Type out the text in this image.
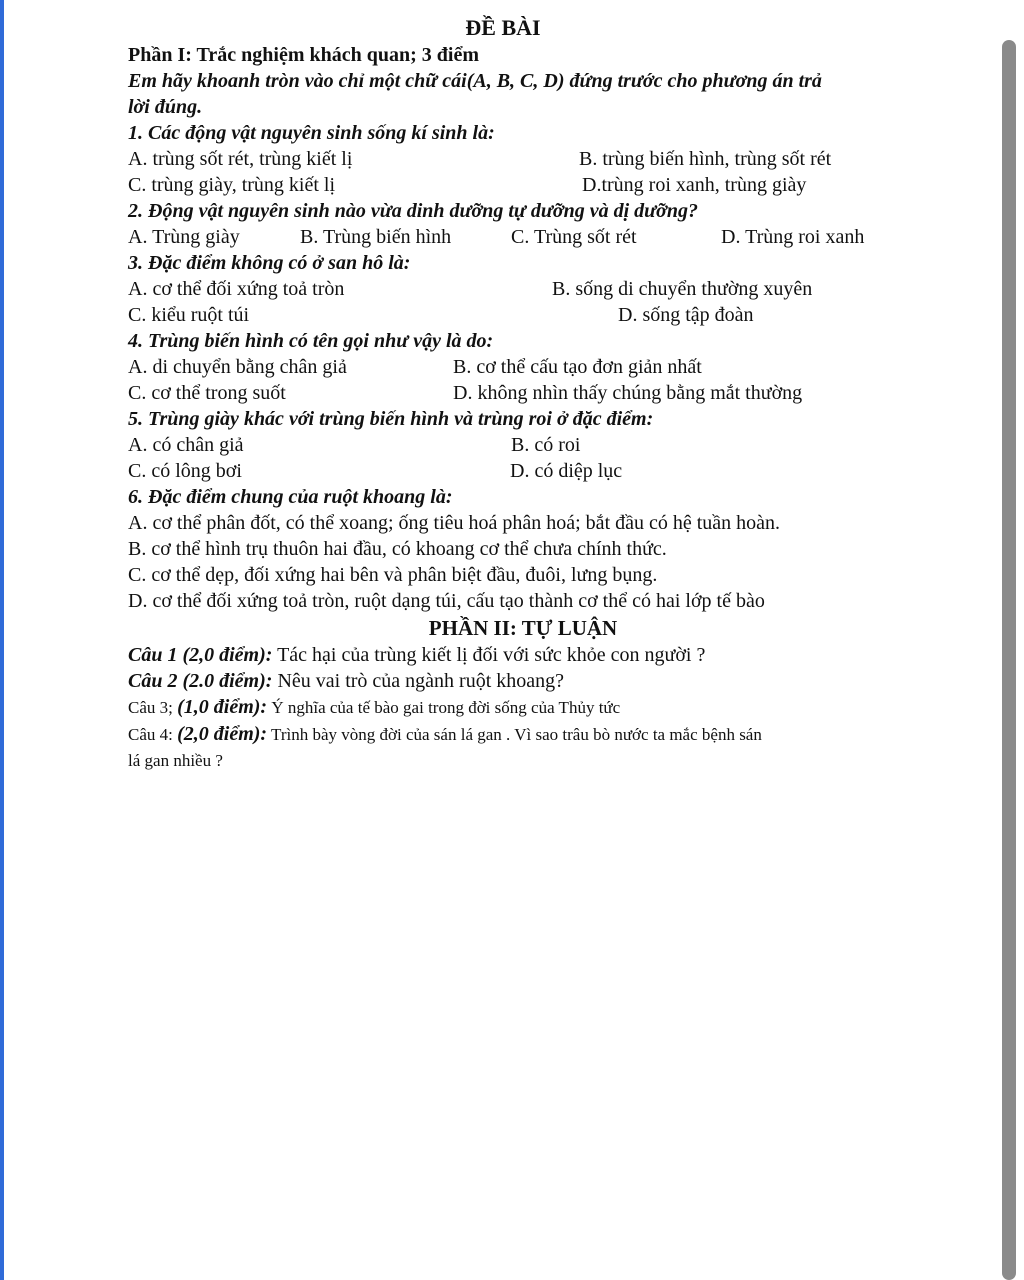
ĐỀ BÀI
Phần I: Trắc nghiệm khách quan; 3 điểm
Em hãy khoanh tròn vào chỉ một chữ cái(A, B, C, D) đứng trước cho phương án trả
lời đúng.
1. Các động vật nguyên sinh sống kí sinh là:
A. trùng sốt rét, trùng kiết lị	B. trùng biến hình, trùng sốt rét
C. trùng giày, trùng kiết lị	D.trùng roi xanh, trùng giày
2. Động vật nguyên sinh nào vừa dinh dưỡng tự dưỡng và dị dưỡng?
A. Trùng giày	B. Trùng biến hình	C. Trùng sốt rét	D. Trùng roi xanh
3. Đặc điểm không có ở san hô là:
A. cơ thể đối xứng toả tròn	B. sống di chuyển thường xuyên
C. kiểu ruột túi	D. sống tập đoàn
4. Trùng biến hình có tên gọi như vậy là do:
A. di chuyển bằng chân giả	B. cơ thể cấu tạo đơn giản nhất
C. cơ thể trong suốt	D. không nhìn thấy chúng bằng mắt thường
5. Trùng giày khác với trùng biến hình và trùng roi ở đặc điểm:
A. có chân giả	B. có roi
C. có lông bơi	D. có diệp lục
6. Đặc điểm chung của ruột khoang là:
A. cơ thể phân đốt, có thể xoang; ống tiêu hoá phân hoá; bắt đầu có hệ tuần hoàn.
B. cơ thể hình trụ thuôn hai đầu, có khoang cơ thể chưa chính thức.
C. cơ thể dẹp, đối xứng hai bên và phân biệt đầu, đuôi, lưng bụng.
D. cơ thể đối xứng toả tròn, ruột dạng túi, cấu tạo thành cơ thể có hai lớp tế bào
PHẦN II: TỰ LUẬN
Câu 1 (2,0 điểm): Tác hại của trùng kiết lị đối với sức khỏe con người ?
Câu 2 (2.0 điểm): Nêu vai trò của ngành ruột khoang?
Câu 3; (1,0 điểm): Ý nghĩa của tế bào gai trong đời sống của Thủy tức
Câu 4: (2,0 điểm): Trình bày vòng đời của sán lá gan . Vì sao trâu bò nước ta mắc bệnh sán
lá gan nhiều ?
